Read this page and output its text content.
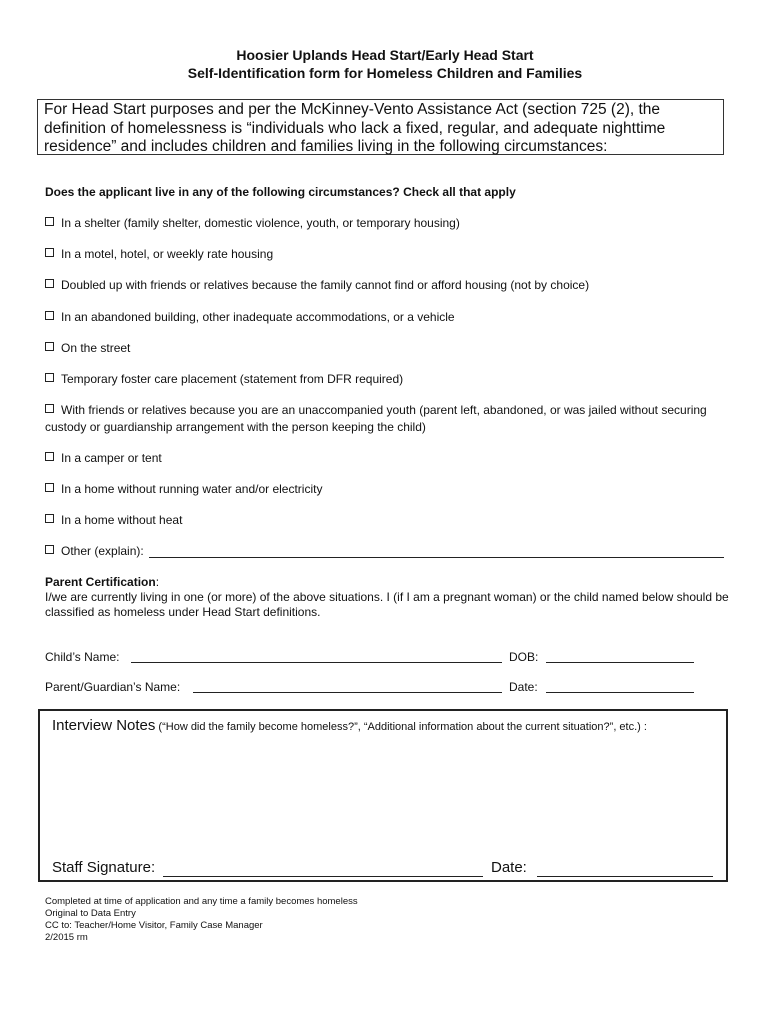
Hoosier Uplands Head Start/Early Head Start
Self-Identification form for Homeless Children and Families
For Head Start purposes and per the McKinney-Vento Assistance Act (section 725 (2), the definition of homelessness is “individuals who lack a fixed, regular, and adequate nighttime residence” and includes children and families living in the following circumstances:
Does the applicant live in any of the following circumstances? Check all that apply
In a shelter (family shelter, domestic violence, youth, or temporary housing)
In a motel, hotel, or weekly rate housing
Doubled up with friends or relatives because the family cannot find or afford housing (not by choice)
In an abandoned building, other inadequate accommodations, or a vehicle
On the street
Temporary foster care placement (statement from DFR required)
With friends or relatives because you are an unaccompanied youth (parent left, abandoned, or was jailed without securing custody or guardianship arrangement with the person keeping the child)
In a camper or tent
In a home without running water and/or electricity
In a home without heat
Other (explain):
Parent Certification:
I/we are currently living in one (or more) of the above situations. I (if I am a pregnant woman) or the child named below should be classified as homeless under Head Start definitions.
Child’s Name:	DOB:
Parent/Guardian’s Name:	Date:
Interview Notes (“How did the family become homeless?”, “Additional information about the current situation?”, etc.) :
Staff Signature:	Date:
Completed at time of application and any time a family becomes homeless
Original to Data Entry
CC to: Teacher/Home Visitor, Family Case Manager
2/2015 rm
